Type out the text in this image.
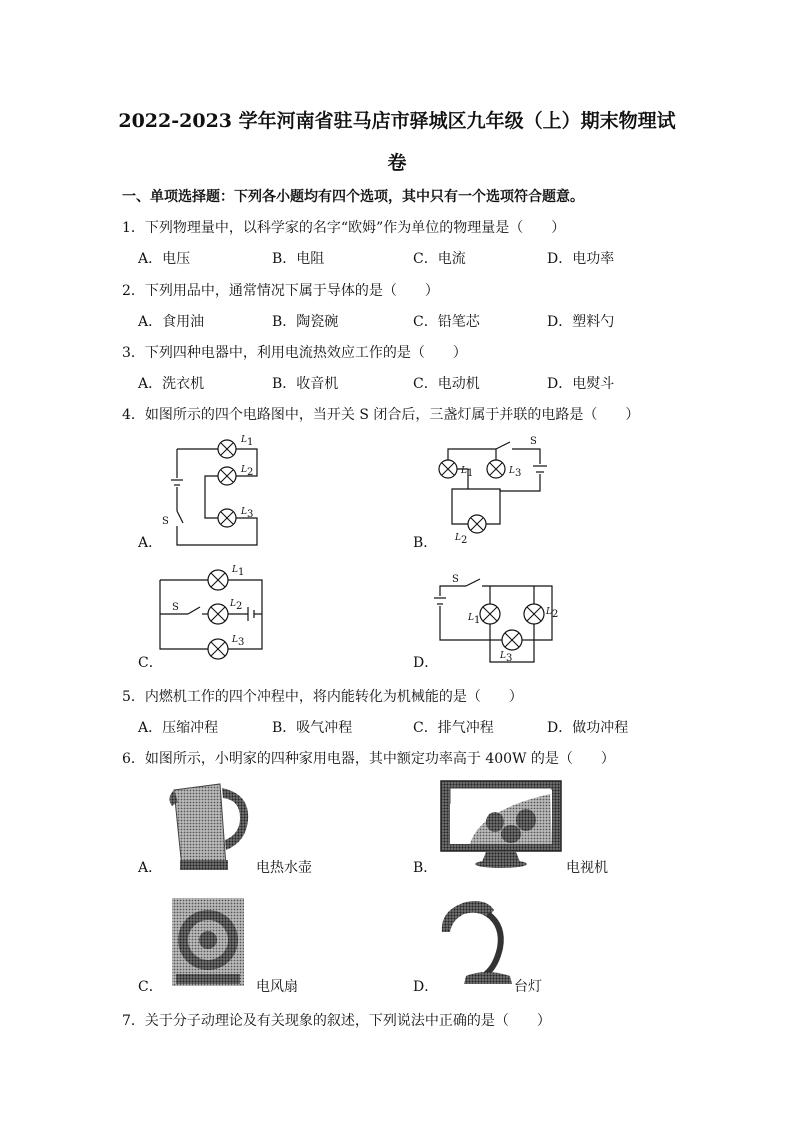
2022-2023 学年河南省驻马店市驿城区九年级（上）期末物理试
卷
一、单项选择题：下列各小题均有四个选项，其中只有一个选项符合题意。
1．下列物理量中，以科学家的名字“欧姆”作为单位的物理量是（　　）
A．电压	B．电阻	C．电流	D．电功率
2．下列用品中，通常情况下属于导体的是（　　）
A．食用油	B．陶瓷碗	C．铅笔芯	D．塑料勺
3．下列四种电器中，利用电流热效应工作的是（　　）
A．洗衣机	B．收音机	C．电动机	D．电熨斗
4．如图所示的四个电路图中，当开关 S 闭合后，三盏灯属于并联的电路是（　　）
A．	B．
C．	D．
L 1
L 2
L 3
S
L 1	L 3
L 2
S
L 1
L 2
L 3
S
L 1
L 2
L 3
S
5．内燃机工作的四个冲程中，将内能转化为机械能的是（　　）
A．压缩冲程	B．吸气冲程	C．排气冲程	D．做功冲程
6．如图所示，小明家的四种家用电器，其中额定功率高于 400W 的是（　　）
A．	电热水壶	B．	电视机
C．	电风扇	D．	台灯
7．关于分子动理论及有关现象的叙述，下列说法中正确的是（　　）
